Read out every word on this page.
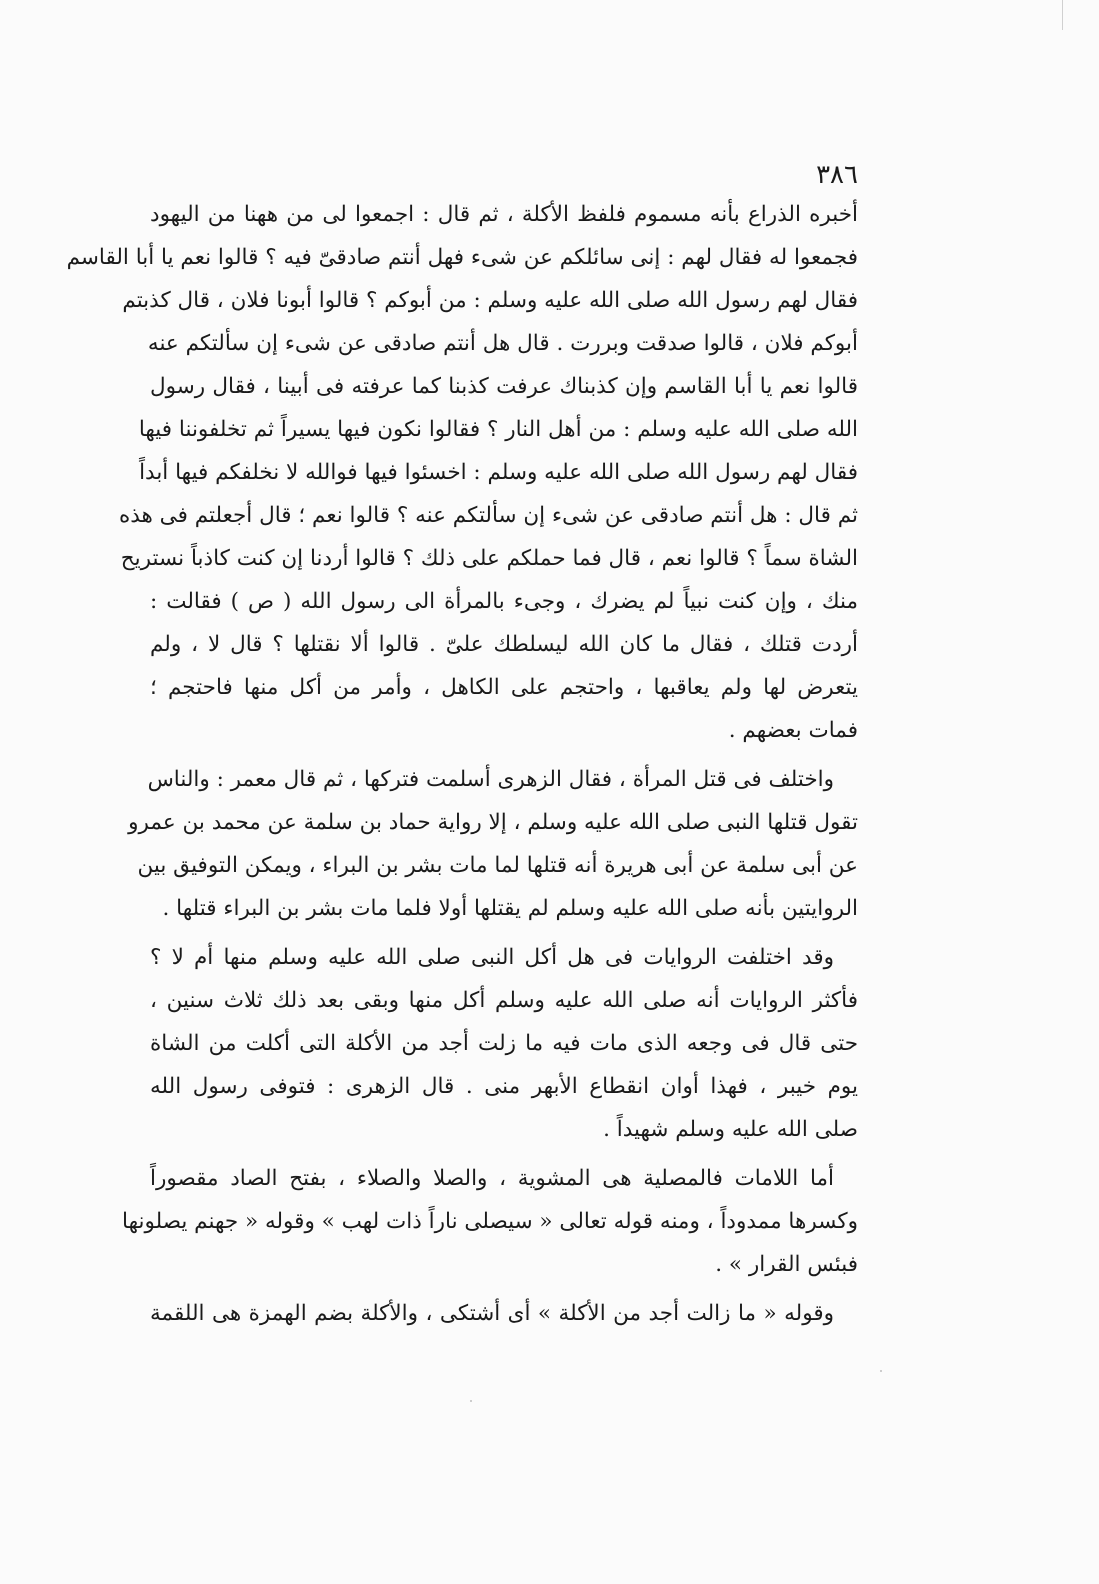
٣٨٦
أخبره الذراع بأنه مسموم فلفظ الأكلة ، ثم قال : اجمعوا لى من ههنا من اليهود
فجمعوا له فقال لهم : إنى سائلكم عن شىء فهل أنتم صادقىّ فيه ؟ قالوا نعم يا أبا القاسم
فقال لهم رسول الله صلى الله عليه وسلم : من أبوكم ؟ قالوا أبونا فلان ، قال كذبتم
أبوكم فلان ، قالوا صدقت وبررت . قال هل أنتم صادقى عن شىء إن سألتكم عنه
قالوا نعم يا أبا القاسم وإن كذبناك عرفت كذبنا كما عرفته فى أبينا ، فقال رسول
الله صلى الله عليه وسلم : من أهل النار ؟ فقالوا نكون فيها يسيراً ثم تخلفوننا فيها
فقال لهم رسول الله صلى الله عليه وسلم : اخسئوا فيها فوالله لا نخلفكم فيها أبداً
ثم قال : هل أنتم صادقى عن شىء إن سألتكم عنه ؟ قالوا نعم ؛ قال أجعلتم فى هذه
الشاة سماً ؟ قالوا نعم ، قال فما حملكم على ذلك ؟ قالوا أردنا إن كنت كاذباً نستريح
منك ، وإن كنت نبياً لم يضرك ، وجىء بالمرأة الى رسول الله ( ص ) فقالت :
أردت قتلك ، فقال ما كان الله ليسلطك علىّ . قالوا ألا نقتلها ؟ قال لا ، ولم
يتعرض لها ولم يعاقبها ، واحتجم على الكاهل ، وأمر من أكل منها فاحتجم ؛
فمات بعضهم .
واختلف فى قتل المرأة ، فقال الزهرى أسلمت فتركها ، ثم قال معمر : والناس
تقول قتلها النبى صلى الله عليه وسلم ، إلا رواية حماد بن سلمة عن محمد بن عمرو
عن أبى سلمة عن أبى هريرة أنه قتلها لما مات بشر بن البراء ، ويمكن التوفيق بين
الروايتين بأنه صلى الله عليه وسلم لم يقتلها أولا فلما مات بشر بن البراء قتلها .
وقد اختلفت الروايات فى هل أكل النبى صلى الله عليه وسلم منها أم لا ؟
فأكثر الروايات أنه صلى الله عليه وسلم أكل منها وبقى بعد ذلك ثلاث سنين ،
حتى قال فى وجعه الذى مات فيه ما زلت أجد من الأكلة التى أكلت من الشاة
يوم خيبر ، فهذا أوان انقطاع الأبهر منى . قال الزهرى : فتوفى رسول الله
صلى الله عليه وسلم شهيداً .
أما اللامات فالمصلية هى المشوية ، والصلا والصلاء ، بفتح الصاد مقصوراً
وكسرها ممدوداً ، ومنه قوله تعالى « سيصلى ناراً ذات لهب » وقوله « جهنم يصلونها
فبئس القرار » .
وقوله « ما زالت أجد من الأكلة » أى أشتكى ، والأكلة بضم الهمزة هى اللقمة
